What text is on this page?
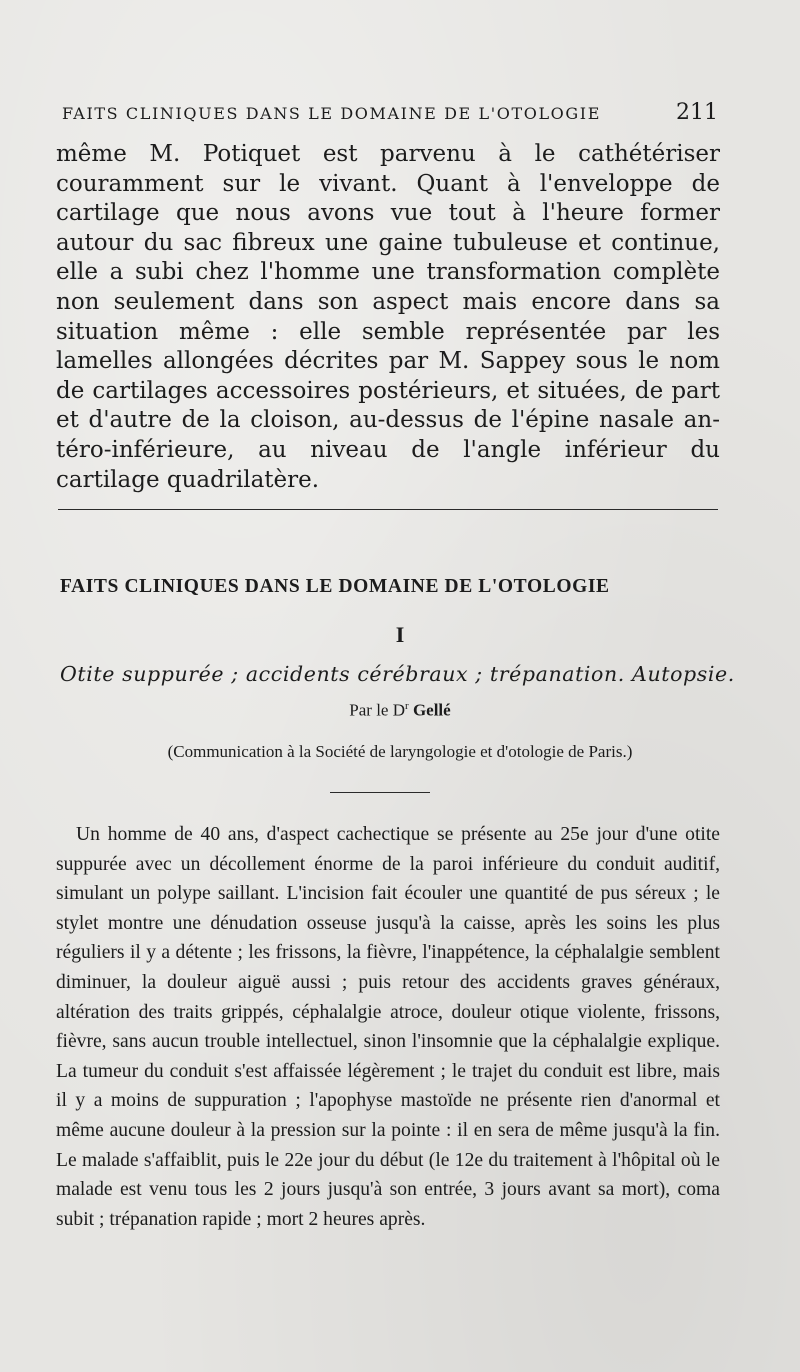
FAITS CLINIQUES DANS LE DOMAINE DE L'OTOLOGIE	211

même M. Potiquet est parvenu à le cathétériser couramment sur le vivant. Quant à l'enveloppe de cartilage que nous avons vue tout à l'heure former autour du sac fibreux une gaine tubuleuse et continue, elle a subi chez l'homme une transformation complète non seulement dans son aspect mais encore dans sa situation même : elle semble représentée par les lamelles allongées décrites par M. Sappey sous le nom de cartilages accessoires postérieurs, et situées, de part et d'autre de la cloison, au-dessus de l'épine nasale antéro-inférieure, au niveau de l'angle inférieur du cartilage quadrilatère.

FAITS CLINIQUES DANS LE DOMAINE DE L'OTOLOGIE
I
Otite suppurée ; accidents cérébraux ; trépanation. Autopsie.
Par le $D^r$ Gellé
(Communication à la Société de laryngologie et d'otologie de Paris.)

Un homme de 40 ans, d'aspect cachectique se présente au 25e jour d'une otite suppurée avec un décollement énorme de la paroi inférieure du conduit auditif, simulant un polype saillant. L'incision fait écouler une quantité de pus séreux ; le stylet montre une dénudation osseuse jusqu'à la caisse, après les soins les plus réguliers il y a détente ; les frissons, la fièvre, l'inappétence, la céphalalgie semblent diminuer, la douleur aiguë aussi ; puis retour des accidents graves généraux, altération des traits grippés, céphalalgie atroce, douleur otique violente, frissons, fièvre, sans aucun trouble intellectuel, sinon l'insomnie que la céphalalgie explique. La tumeur du conduit s'est affaissée légèrement ; le trajet du conduit est libre, mais il y a moins de suppuration ; l'apophyse mastoïde ne présente rien d'anormal et même aucune douleur à la pression sur la pointe : il en sera de même jusqu'à la fin. Le malade s'affaiblit, puis le 22e jour du début (le 12e du traitement à l'hôpital où le malade est venu tous les 2 jours jusqu'à son entrée, 3 jours avant sa mort), coma subit ; trépanation rapide ; mort 2 heures après.
